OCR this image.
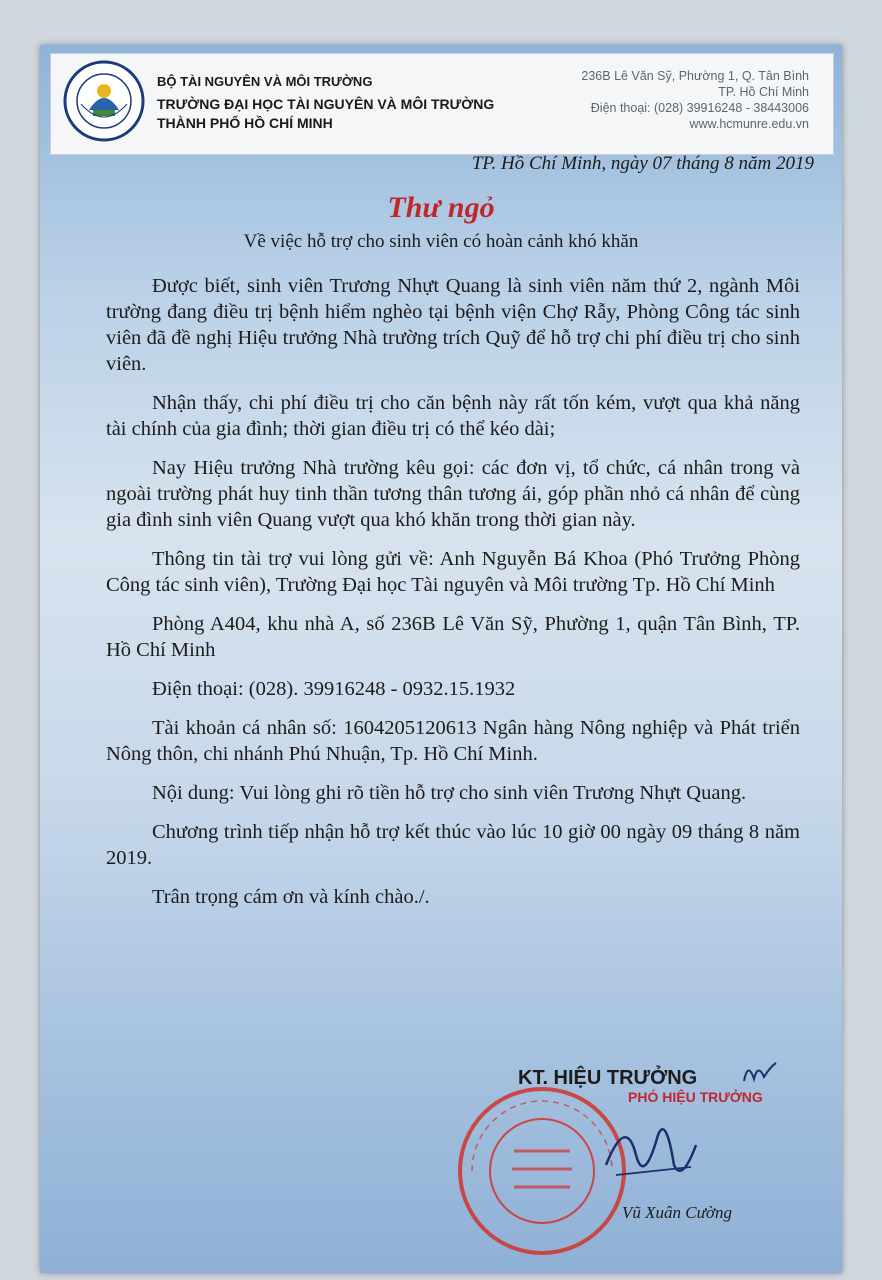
BỘ TÀI NGUYÊN VÀ MÔI TRƯỜNG
TRƯỜNG ĐẠI HỌC TÀI NGUYÊN VÀ MÔI TRƯỜNG
THÀNH PHỐ HỒ CHÍ MINH
236B Lê Văn Sỹ, Phường 1, Q. Tân Bình
TP. Hồ Chí Minh
Điện thoại: (028) 39916248 - 38443006
www.hcmunre.edu.vn
TP. Hồ Chí Minh, ngày 07 tháng 8 năm 2019
Thư ngỏ
Về việc hỗ trợ cho sinh viên có hoàn cảnh khó khăn

Được biết, sinh viên Trương Nhựt Quang là sinh viên năm thứ 2, ngành Môi trường đang điều trị bệnh hiểm nghèo tại bệnh viện Chợ Rẫy, Phòng Công tác sinh viên đã đề nghị Hiệu trưởng Nhà trường trích Quỹ để hỗ trợ chi phí điều trị cho sinh viên.

Nhận thấy, chi phí điều trị cho căn bệnh này rất tốn kém, vượt qua khả năng tài chính của gia đình; thời gian điều trị có thể kéo dài;

Nay Hiệu trưởng Nhà trường kêu gọi: các đơn vị, tổ chức, cá nhân trong và ngoài trường phát huy tinh thần tương thân tương ái, góp phần nhỏ cá nhân để cùng gia đình sinh viên Quang vượt qua khó khăn trong thời gian này.

Thông tin tài trợ vui lòng gửi về: Anh Nguyễn Bá Khoa (Phó Trưởng Phòng Công tác sinh viên), Trường Đại học Tài nguyên và Môi trường Tp. Hồ Chí Minh

Phòng A404, khu nhà A, số 236B Lê Văn Sỹ, Phường 1, quận Tân Bình, TP. Hồ Chí Minh

Điện thoại: (028). 39916248 - 0932.15.1932

Tài khoản cá nhân số: 1604205120613 Ngân hàng Nông nghiệp và Phát triển Nông thôn, chi nhánh Phú Nhuận, Tp. Hồ Chí Minh.

Nội dung: Vui lòng ghi rõ tiền hỗ trợ cho sinh viên Trương Nhựt Quang.

Chương trình tiếp nhận hỗ trợ kết thúc vào lúc 10 giờ 00 ngày 09 tháng 8 năm 2019.

Trân trọng cám ơn và kính chào./.

KT. HIỆU TRƯỞNG
PHÓ HIỆU TRƯỞNG
Vũ Xuân Cường
